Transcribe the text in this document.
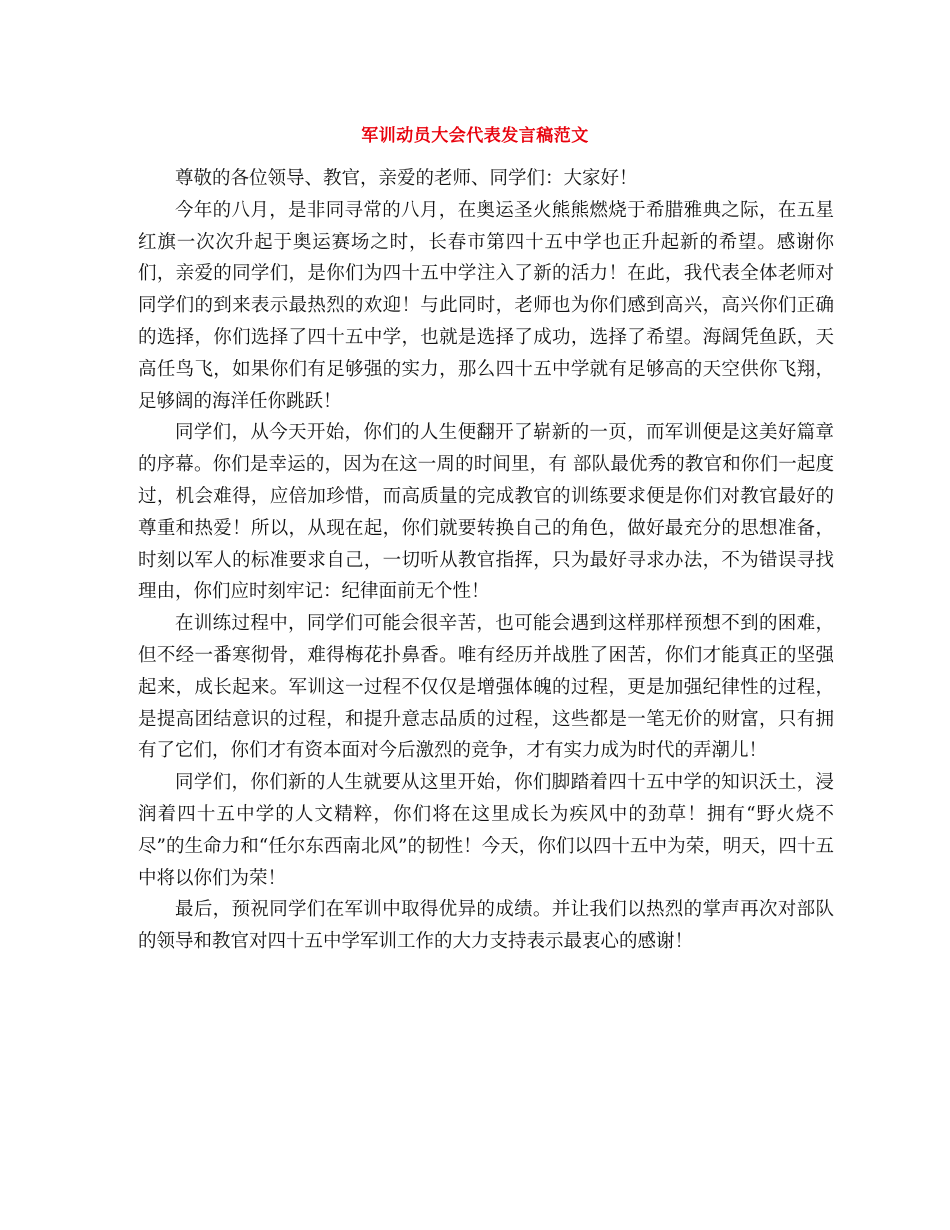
军训动员大会代表发言稿范文

尊敬的各位领导、教官，亲爱的老师、同学们：大家好！

今年的八月，是非同寻常的八月，在奥运圣火熊熊燃烧于希腊雅典之际，在五星红旗一次次升起于奥运赛场之时，长春市第四十五中学也正升起新的希望。感谢你们，亲爱的同学们，是你们为四十五中学注入了新的活力！在此，我代表全体老师对同学们的到来表示最热烈的欢迎！与此同时，老师也为你们感到高兴，高兴你们正确的选择，你们选择了四十五中学，也就是选择了成功，选择了希望。海阔凭鱼跃，天高任鸟飞，如果你们有足够强的实力，那么四十五中学就有足够高的天空供你飞翔，足够阔的海洋任你跳跃！

同学们，从今天开始，你们的人生便翻开了崭新的一页，而军训便是这美好篇章的序幕。你们是幸运的，因为在这一周的时间里，有 部队最优秀的教官和你们一起度过，机会难得，应倍加珍惜，而高质量的完成教官的训练要求便是你们对教官最好的尊重和热爱！所以，从现在起，你们就要转换自己的角色，做好最充分的思想准备，时刻以军人的标准要求自己，一切听从教官指挥，只为最好寻求办法，不为错误寻找理由，你们应时刻牢记：纪律面前无个性！

在训练过程中，同学们可能会很辛苦，也可能会遇到这样那样预想不到的困难，但不经一番寒彻骨，难得梅花扑鼻香。唯有经历并战胜了困苦，你们才能真正的坚强起来，成长起来。军训这一过程不仅仅是增强体魄的过程，更是加强纪律性的过程，是提高团结意识的过程，和提升意志品质的过程，这些都是一笔无价的财富，只有拥有了它们，你们才有资本面对今后激烈的竞争，才有实力成为时代的弄潮儿！

同学们，你们新的人生就要从这里开始，你们脚踏着四十五中学的知识沃土，浸润着四十五中学的人文精粹，你们将在这里成长为疾风中的劲草！拥有“野火烧不尽”的生命力和“任尔东西南北风”的韧性！今天，你们以四十五中为荣，明天，四十五中将以你们为荣！

最后，预祝同学们在军训中取得优异的成绩。并让我们以热烈的掌声再次对部队的领导和教官对四十五中学军训工作的大力支持表示最衷心的感谢！
